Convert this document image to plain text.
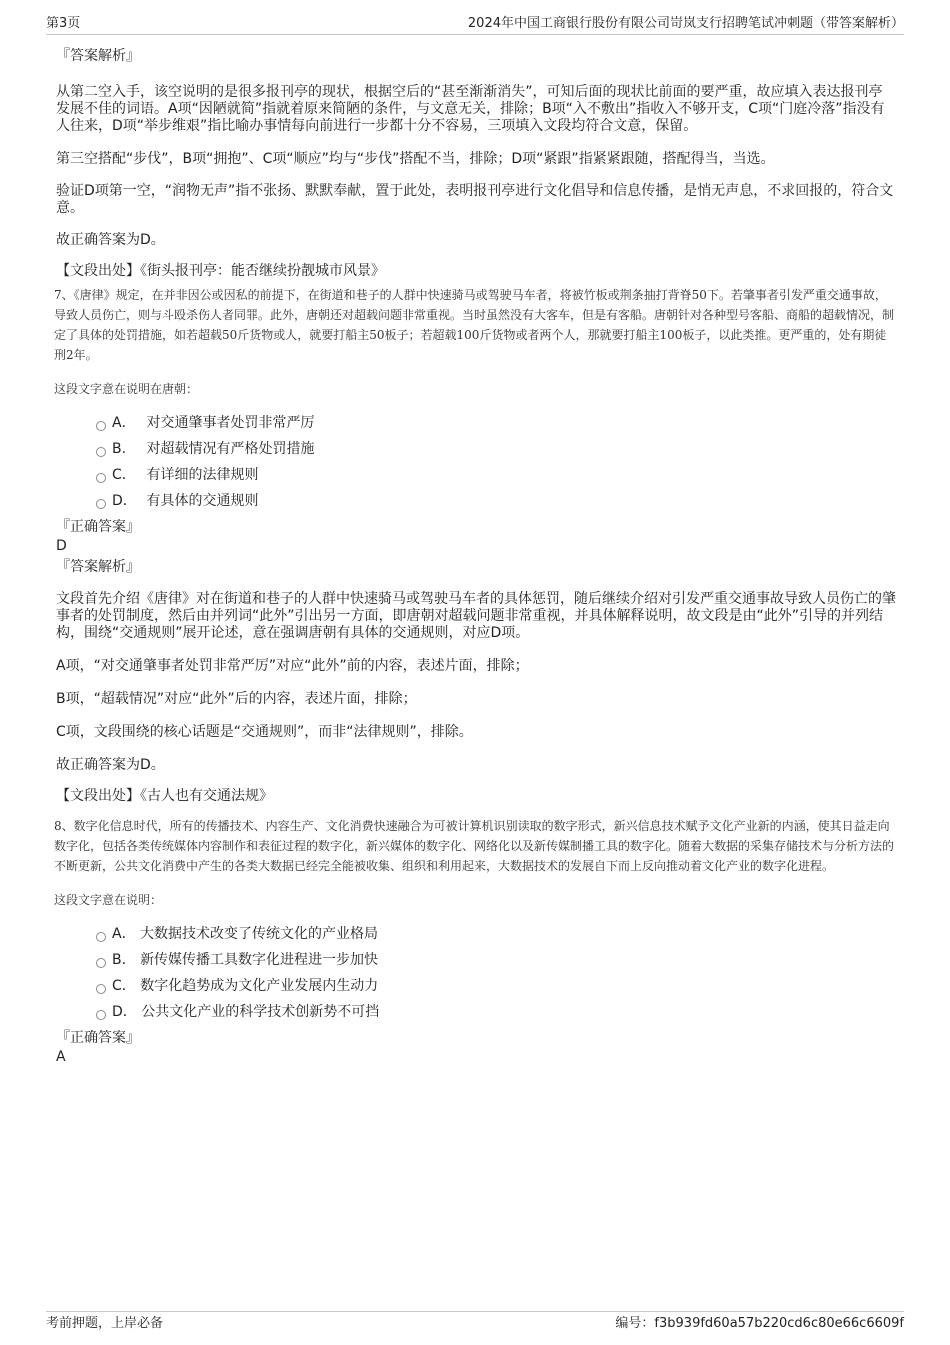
第3页	2024年中国工商银行股份有限公司岢岚支行招聘笔试冲刺题（带答案解析）
『答案解析』

从第二空入手，该空说明的是很多报刊亭的现状，根据空后的“甚至渐渐消失”，可知后面的现状比前面的要严重，故应填入表达报刊亭发展不佳的词语。A项“因陋就简”指就着原来简陋的条件，与文意无关，排除；B项“入不敷出”指收入不够开支，C项“门庭冷落”指没有人往来，D项“举步维艰”指比喻办事情每向前进行一步都十分不容易，三项填入文段均符合文意，保留。

第三空搭配“步伐”，B项“拥抱”、C项“顺应”均与“步伐”搭配不当，排除；D项“紧跟”指紧紧跟随，搭配得当，当选。

验证D项第一空，“润物无声”指不张扬、默默奉献，置于此处，表明报刊亭进行文化倡导和信息传播，是悄无声息，不求回报的，符合文意。

故正确答案为D。

【文段出处】《街头报刊亭：能否继续扮靓城市风景》
7、《唐律》规定，在并非因公或因私的前提下，在街道和巷子的人群中快速骑马或驾驶马车者，将被竹板或荆条抽打背脊50下。若肇事者引发严重交通事故，导致人员伤亡，则与斗殴杀伤人者同罪。此外，唐朝还对超载问题非常重视。当时虽然没有大客车，但是有客船。唐朝针对各种型号客船、商船的超载情况，制定了具体的处罚措施，如若超载50斤货物或人，就要打船主50板子；若超载100斤货物或者两个人，那就要打船主100板子，以此类推。更严重的，处有期徒刑2年。
这段文字意在说明在唐朝：
A． 对交通肇事者处罚非常严厉
B. 对超载情况有严格处罚措施
C． 有详细的法律规则
D． 有具体的交通规则
『正确答案』

D

『答案解析』

文段首先介绍《唐律》对在街道和巷子的人群中快速骑马或驾驶马车者的具体惩罚，随后继续介绍对引发严重交通事故导致人员伤亡的肇事者的处罚制度，然后由并列词“此外”引出另一方面，即唐朝对超载问题非常重视，并具体解释说明，故文段是由“此外”引导的并列结构，围绕“交通规则”展开论述，意在强调唐朝有具体的交通规则，对应D项。

A项，“对交通肇事者处罚非常严厉”对应“此外”前的内容，表述片面，排除；

B项，“超载情况”对应“此外”后的内容，表述片面，排除；

C项，文段围绕的核心话题是“交通规则”，而非“法律规则”，排除。

故正确答案为D。

【文段出处】《古人也有交通法规》
8、数字化信息时代，所有的传播技术、内容生产、文化消费快速融合为可被计算机识别读取的数字形式，新兴信息技术赋予文化产业新的内涵，使其日益走向数字化，包括各类传统媒体内容制作和表征过程的数字化，新兴媒体的数字化、网络化以及新传媒制播工具的数字化。随着大数据的采集存储技术与分析方法的不断更新，公共文化消费中产生的各类大数据已经完全能被收集、组织和利用起来，大数据技术的发展自下而上反向推动着文化产业的数字化进程。
这段文字意在说明：
A． 大数据技术改变了传统文化的产业格局
B． 新传媒传播工具数字化进程进一步加快
C． 数字化趋势成为文化产业发展内生动力
D． 公共文化产业的科学技术创新势不可挡
『正确答案』

A

考前押题，上岸必备	编号：f3b939fd60a57b220cd6c80e66c6609f
